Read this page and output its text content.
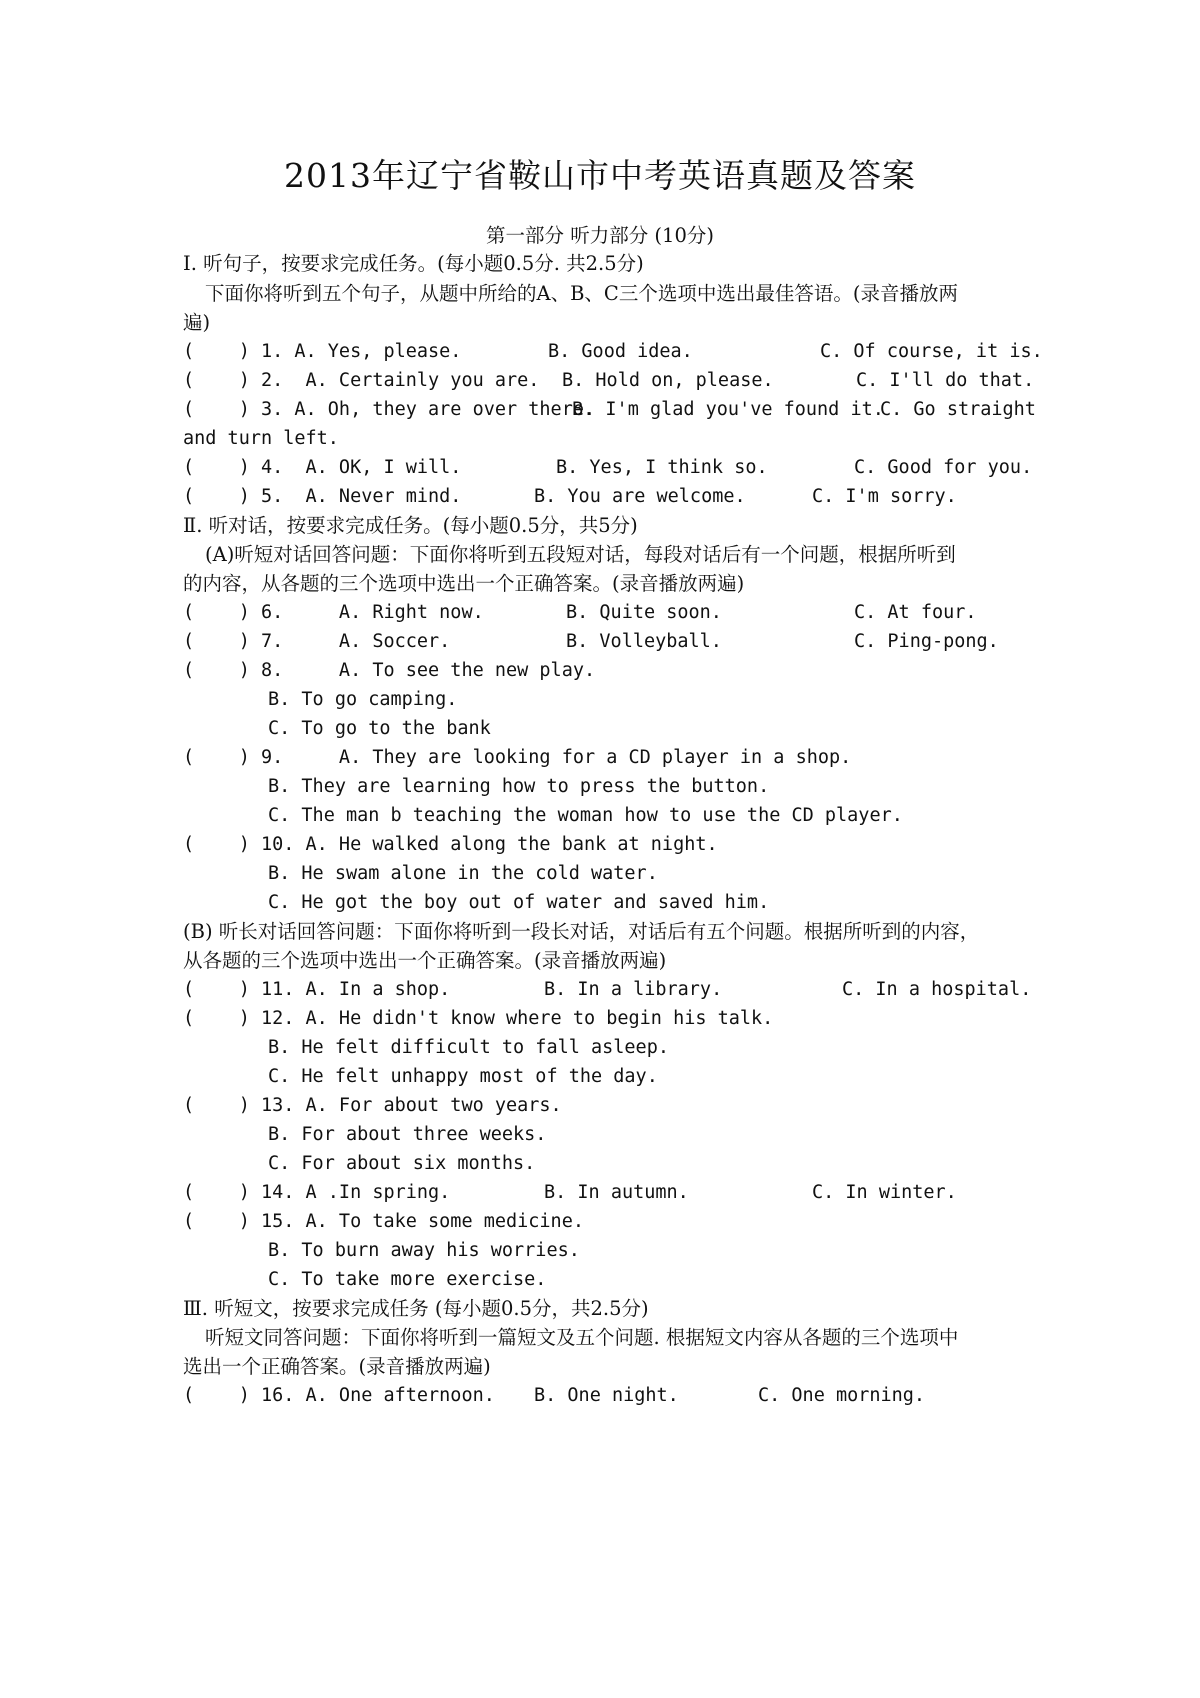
2013年辽宁省鞍山市中考英语真题及答案
第一部分 听力部分 (10分)
Ⅰ. 听句子，按要求完成任务。(每小题0.5分. 共2.5分)
下面你将听到五个句子，从题中所给的A、B、C三个选项中选出最佳答语。(录音播放两
遍)
(    ) 1. A. Yes, please.	B. Good idea.	C. Of course, it is.
(    ) 2.  A. Certainly you are. B. Hold on, please.	C. I'll do that.
(    ) 3. A. Oh, they are over there.
B. I'm glad you've found it.
C. Go straight
and turn left.
(    ) 4.  A. OK, I will.	B. Yes, I think so.	C. Good for you.
(    ) 5.  A. Never mind.	B. You are welcome.	C. I'm sorry.
Ⅱ. 听对话，按要求完成任务。(每小题0.5分，共5分)
(A)听短对话回答问题：下面你将听到五段短对话，每段对话后有一个问题，根据所听到
的内容，从各题的三个选项中选出一个正确答案。(录音播放两遍)
(    ) 6.     A. Right now.	B. Quite soon.	C. At four.
(    ) 7.     A. Soccer.	B. Volleyball.	C. Ping-pong.
(    ) 8.     A. To see the new play.
B. To go camping.
C. To go to the bank
(    ) 9.     A. They are looking for a CD player in a shop.
B. They are learning how to press the button.
C. The man b teaching the woman how to use the CD player.
(    ) 10. A. He walked along the bank at night.
B. He swam alone in the cold water.
C. He got the boy out of water and saved him.
(B) 听长对话回答问题：下面你将听到一段长对话，对话后有五个问题。根据所听到的内容，
从各题的三个选项中选出一个正确答案。(录音播放两遍)
(    ) 11. A. In a shop.	B. In a library.	C. In a hospital.
(    ) 12. A. He didn't know where to begin his talk.
B. He felt difficult to fall asleep.
C. He felt unhappy most of the day.
(    ) 13. A. For about two years.
B. For about three weeks.
C. For about six months.
(    ) 14. A .In spring.	B. In autumn.	C. In winter.
(    ) 15. A. To take some medicine.
B. To burn away his worries.
C. To take more exercise.
Ⅲ. 听短文，按要求完成任务 (每小题0.5分，共2.5分)
听短文同答问题：下面你将听到一篇短文及五个问题. 根据短文内容从各题的三个选项中
选出一个正确答案。(录音播放两遍)
(    ) 16. A. One afternoon. B. One night.	C. One morning.
